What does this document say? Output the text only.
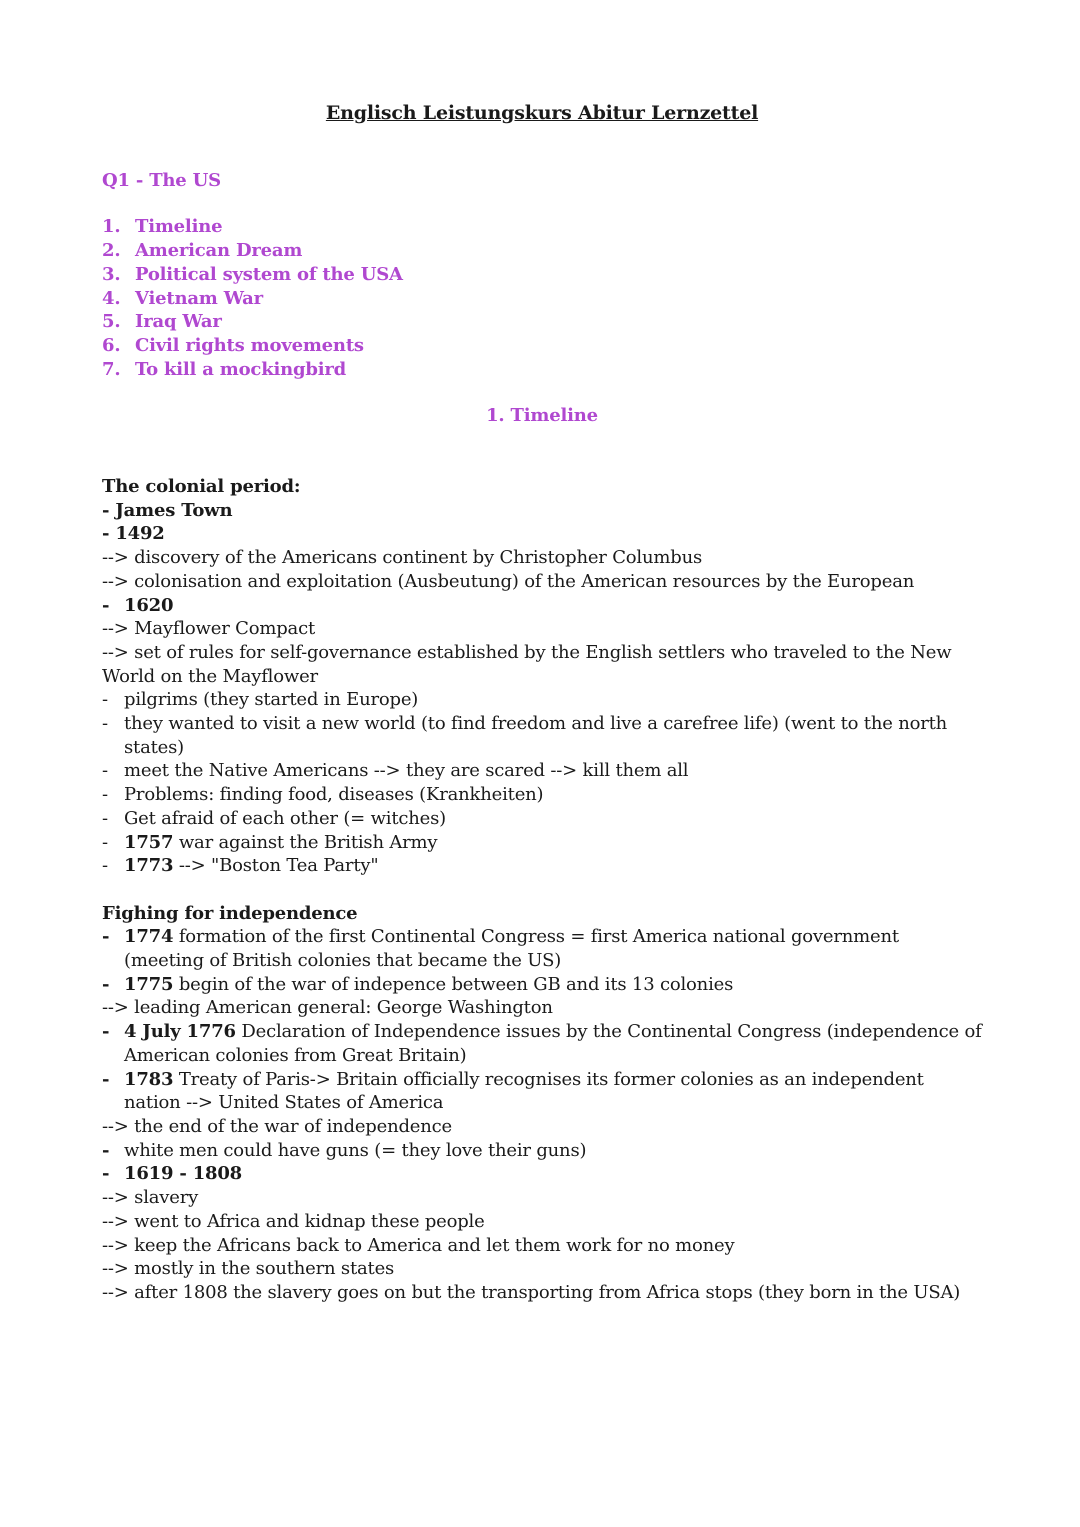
Englisch Leistungskurs Abitur Lernzettel

Q1 - The US

1. Timeline
2. American Dream
3. Political system of the USA
4. Vietnam War
5. Iraq War
6. Civil rights movements
7. To kill a mockingbird

1. Timeline

The colonial period:

- James Town

- 1492

--> discovery of the Americans continent by Christopher Columbus

--> colonisation and exploitation (Ausbeutung) of the American resources by the European

- 1620

--> Mayflower Compact

--> set of rules for self-governance established by the English settlers who traveled to the New World on the Mayflower

- pilgrims (they started in Europe)
- they wanted to visit a new world (to find freedom and live a carefree life) (went to the north states)
- meet the Native Americans --> they are scared --> kill them all
- Problems: finding food, diseases (Krankheiten)
- Get afraid of each other (= witches)
- 1757 war against the British Army
- 1773 --> "Boston Tea Party"

Fighing for independence

- 1774 formation of the first Continental Congress = first America national government (meeting of British colonies that became the US)
- 1775 begin of the war of indepence between GB and its 13 colonies

--> leading American general: George Washington

- 4 July 1776 Declaration of Independence issues by the Continental Congress (independence of American colonies from Great Britain)
- 1783 Treaty of Paris-> Britain officially recognises its former colonies as an independent nation --> United States of America

--> the end of the war of independence

- white men could have guns (= they love their guns)
- 1619 - 1808

--> slavery

--> went to Africa and kidnap these people

--> keep the Africans back to America and let them work for no money

--> mostly in the southern states

--> after 1808 the slavery goes on but the transporting from Africa stops (they born in the USA)
